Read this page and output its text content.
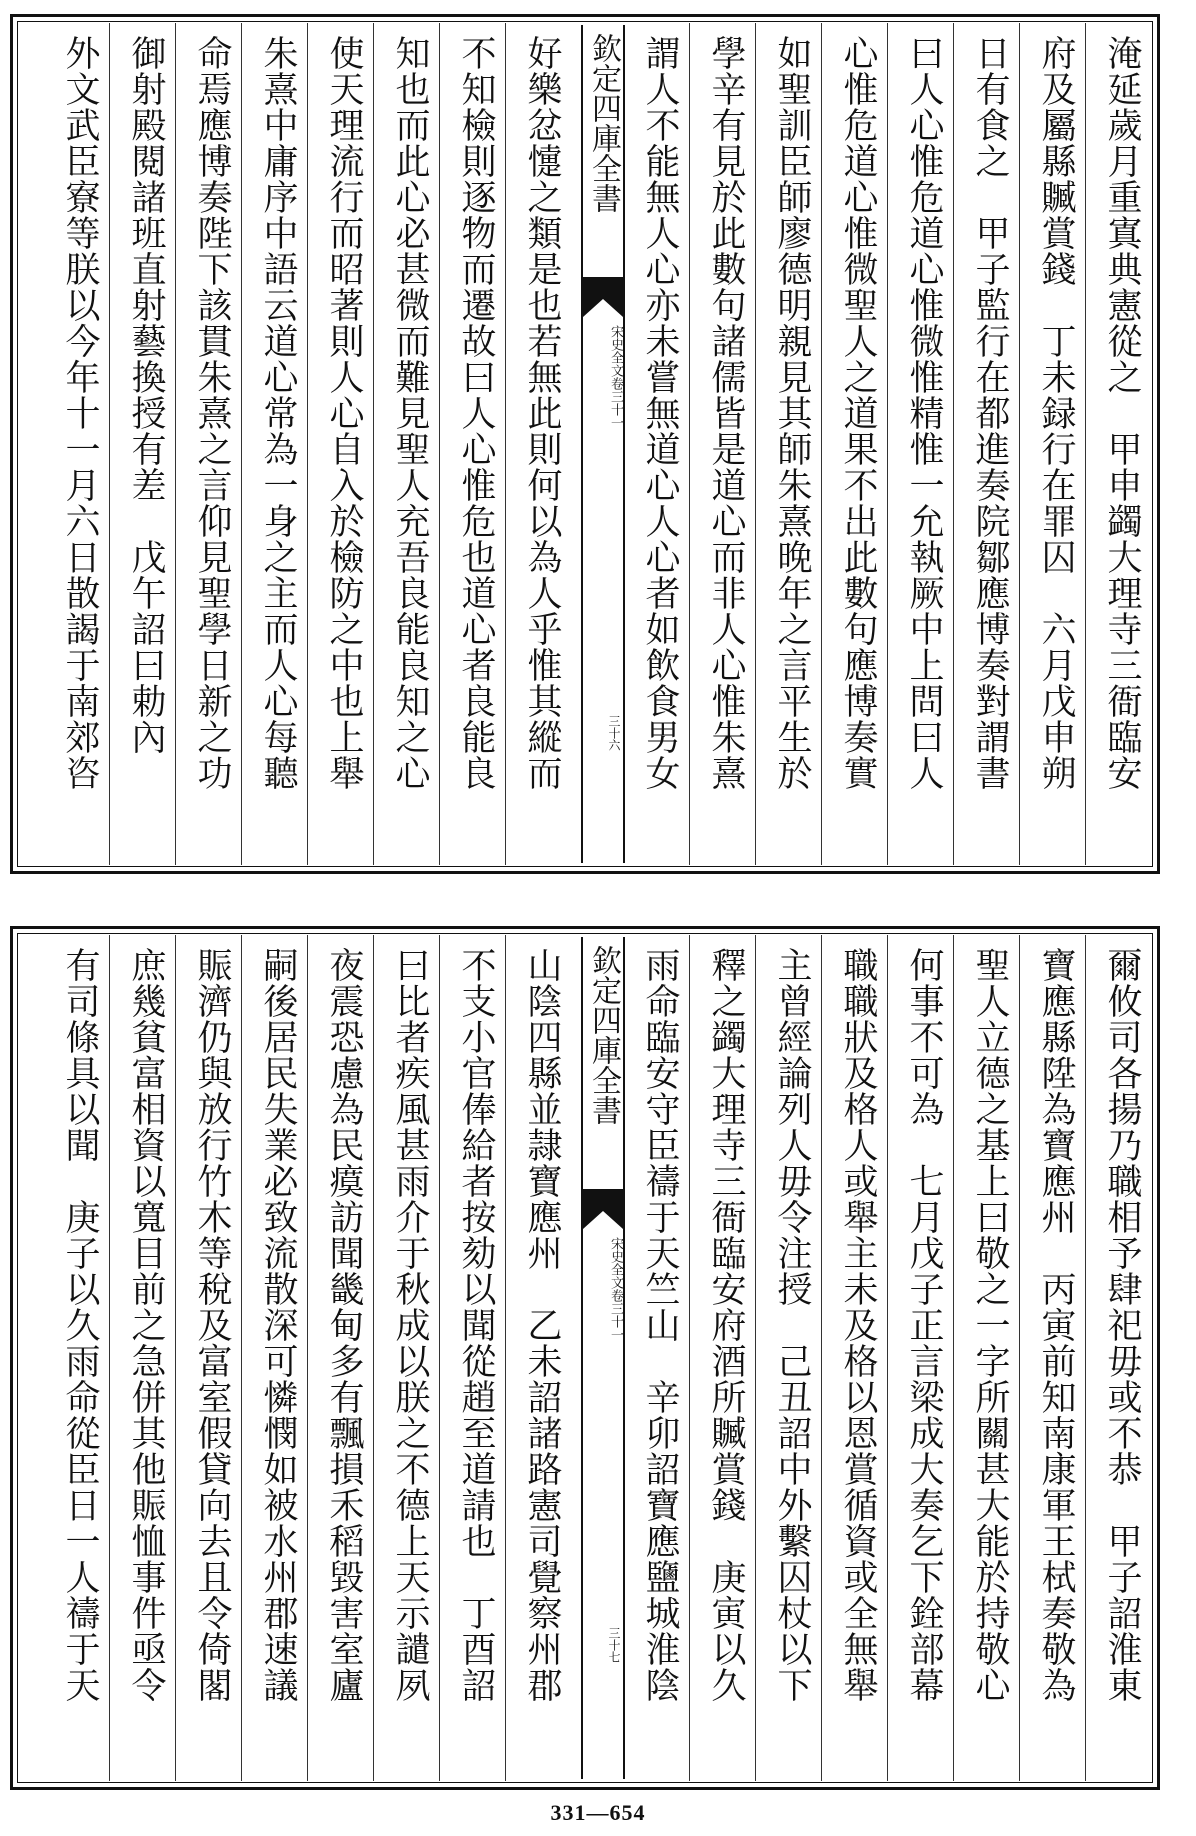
淹延歲月重寘典憲從之　甲申蠲大理寺三衙臨安
府及屬縣贓賞錢　丁未録行在罪囚　六月戊申朔
日有食之　甲子監行在都進奏院鄒應博奏對謂書
曰人心惟危道心惟微惟精惟一允執厥中上問曰人
心惟危道心惟微聖人之道果不出此數句應博奏實
如聖訓臣師廖德明親見其師朱熹晚年之言平生於
學辛有見於此數句諸儒皆是道心而非人心惟朱熹
謂人不能無人心亦未嘗無道心人心者如飲食男女
欽定四庫全書
宋史全文
卷三十一
三十六
好樂忿懥之類是也若無此則何以為人乎惟其縱而
不知檢則逐物而遷故曰人心惟危也道心者良能良
知也而此心必甚微而難見聖人充吾良能良知之心
使天理流行而昭著則人心自入於檢防之中也上舉
朱熹中庸序中語云道心常為一身之主而人心每聽
命焉應博奏陛下該貫朱熹之言仰見聖學日新之功
御射殿閱諸班直射藝換授有差　戊午詔曰勅內
外文武臣寮等朕以今年十一月六日㪚謁于南郊咨
爾攸司各揚乃職相予肆祀毋或不恭　甲子詔淮東
寶應縣陞為寶應州　丙寅前知南康軍王栻奏敬為
聖人立德之基上曰敬之一字所關甚大能於持敬心
何事不可為　七月戊子正言梁成大奏乞下銓部幕
職職狀及格人或舉主未及格以恩賞循資或全無舉
主曾經論列人毋令注授　己丑詔中外繫囚杖以下
釋之蠲大理寺三衙臨安府酒所贓賞錢　庚寅以久
雨命臨安守臣禱于天竺山　辛卯詔寶應鹽城淮陰
欽定四庫全書
宋史全文
卷三十一
三十七
山陰四縣並隷寶應州　乙未詔諸路憲司覺察州郡
不支小官俸給者按劾以聞從趙至道請也　丁酉詔
曰比者疾風甚雨介于秋成以朕之不德上天示譴夙
夜震恐慮為民瘼訪聞畿甸多有飄損禾稻毀害室廬
嗣後居民失業必致流散深可憐憫如被水州郡速議
賑濟仍與放行竹木等稅及富室假貸向去且令倚閣
庶幾貧富相資以寬目前之急併其他賑恤事件亟令
有司條具以聞　庚子以久雨命從臣日一人禱于天
331—654
